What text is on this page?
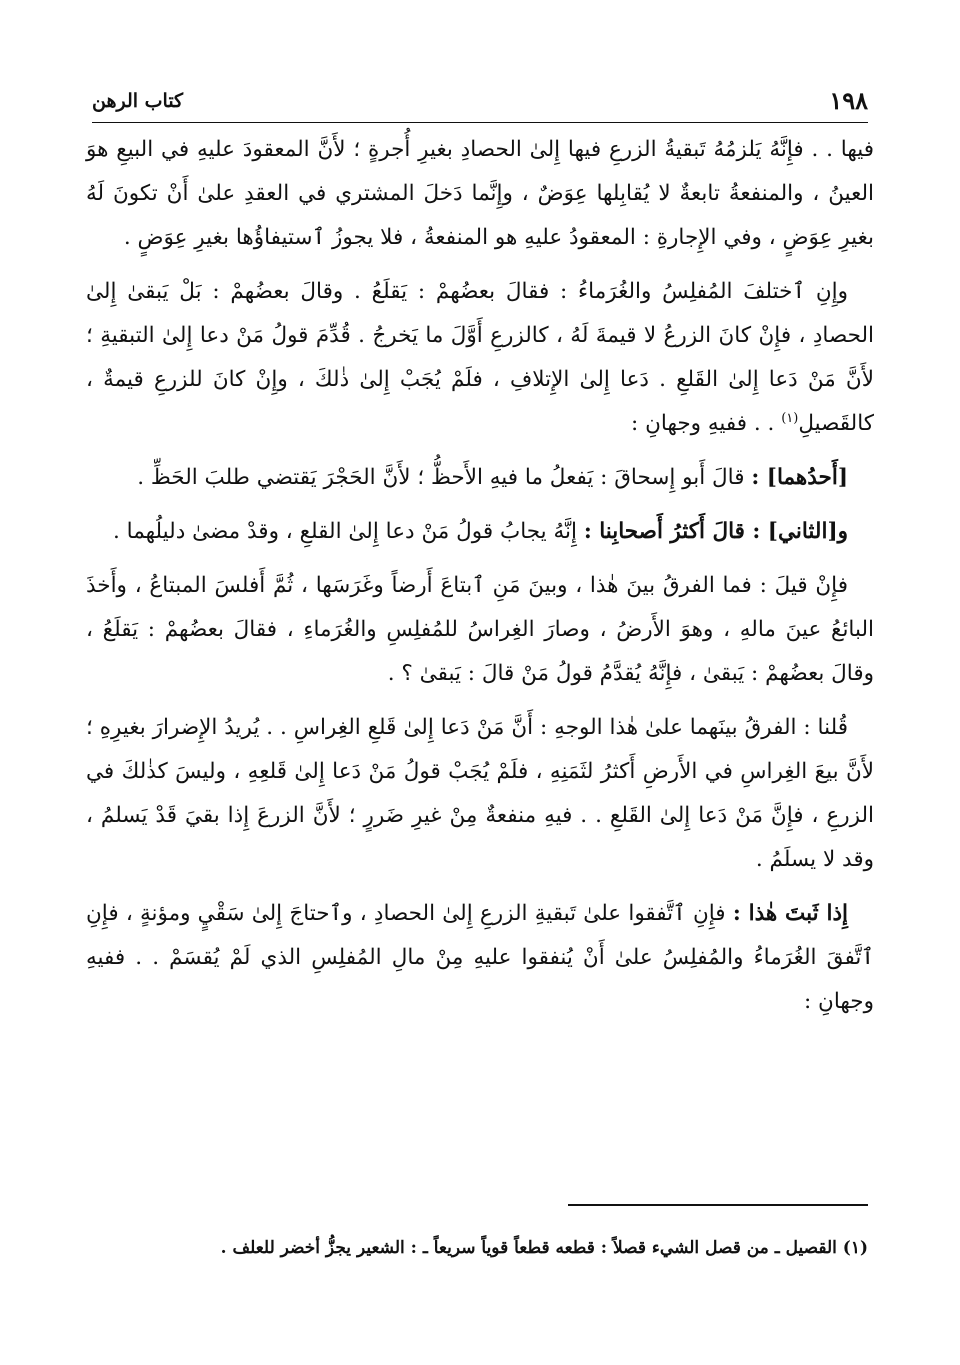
١٩٨
كتاب الرهن

فيها . . فإِنَّهُ يَلزمُهُ تَبقيةُ الزرعِ فيها إِلىٰ الحصادِ بغيرِ أُجرةٍ ؛ لأَنَّ المعقودَ عليهِ في البيعِ هوَ العينُ ، والمنفعةُ تابعةٌ لا يُقابِلها عِوَضٌ ، وإِنَّما دَخلَ المشتري في العقدِ علىٰ أَنْ تكونَ لَهُ بغيرِ عِوَضٍ ، وفي الإِجارةِ : المعقودُ عليهِ هو المنفعةُ ، فلا يجوزُ ٱستيفاؤُها بغيرِ عِوَضٍ .

وإِنِ ٱختلفَ المُفلِسُ والغُرَماءُ : فقالَ بعضُهمْ : يَقلَعُ . وقالَ بعضُهمْ : بَلْ يَبقىٰ إِلىٰ الحصادِ ، فإِنْ كانَ الزرعُ لا قيمةَ لَهُ ، كالزرعِ أَوَّلَ ما يَخرجُ . قُدِّمَ قولُ مَنْ دعا إِلىٰ التبقيةِ ؛ لأَنَّ مَنْ دَعا إِلىٰ القَلعِ . دَعا إِلىٰ الإِتلافِ ، فلَمْ يُجَبْ إِلىٰ ذٰلكَ ، وإِنْ كانَ للزرعِ قيمةٌ ، كالقَصيلِ$^{(١)}$ . . ففيهِ وجهانِ :

[أَحدُهما] : قالَ أَبو إِسحاقَ : يَفعلُ ما فيهِ الأَحظُّ ؛ لأَنَّ الحَجْرَ يَقتضي طلبَ الحَظِّ .

و[الثاني] : قالَ أَكثرُ أَصحابِنا : إِنَّهُ يجابُ قولُ مَنْ دعا إِلىٰ القلعِ ، وقدْ مضىٰ دليلُهما .

فإِنْ قيلَ : فما الفرقُ بينَ هٰذا ، وبينَ مَنِ ٱبتاعَ أَرضاً وغَرَسَها ، ثُمَّ أَفلسَ المبتاعُ ، وأَخذَ البائعُ عينَ مالهِ ، وهوَ الأَرضُ ، وصارَ الغِراسُ للمُفلِسِ والغُرَماءِ ، فقالَ بعضُهمْ : يَقلَعُ ، وقالَ بعضُهمْ : يَبقىٰ ، فإِنَّهُ يُقدَّمُ قولُ مَنْ قالَ : يَبقىٰ ؟ .

قُلنا : الفرقُ بينَهما علىٰ هٰذا الوجهِ : أَنَّ مَنْ دَعا إِلىٰ قَلعِ الغِراسِ . . يُريدُ الإِضرارَ بغيرِهِ ؛ لأَنَّ بيعَ الغِراسِ في الأَرضِ أَكثرُ لثَمَنِهِ ، فلَمْ يُجَبْ قولُ مَنْ دَعا إِلىٰ قَلعِهِ ، وليسَ كذٰلكَ في الزرعِ ، فإِنَّ مَنْ دَعا إِلىٰ القَلعِ . . فيهِ منفعةٌ مِنْ غيرِ ضَررٍ ؛ لأَنَّ الزرعَ إِذا بقيَ قَدْ يَسلمُ ، وقد لا يسلَمُ .

إِذا ثَبتَ هٰذا : فإِنِ ٱتَّفقوا علىٰ تَبقيةِ الزرعِ إِلىٰ الحصادِ ، وٱحتاجَ إِلىٰ سَقْيٍ ومؤنةٍ ، فإِنِ ٱتَّفقَ الغُرَماءُ والمُفلِسُ علىٰ أَنْ يُنفقوا عليهِ مِنْ مالِ المُفلِسِ الذي لَمْ يُقسَمْ . . ففيهِ وجهانِ :

(١) القصيل ـ من قصل الشيء قصلاً : قطعه قطعاً قوياً سريعاً ـ : الشعير يجزُّ أخضر للعلف .
